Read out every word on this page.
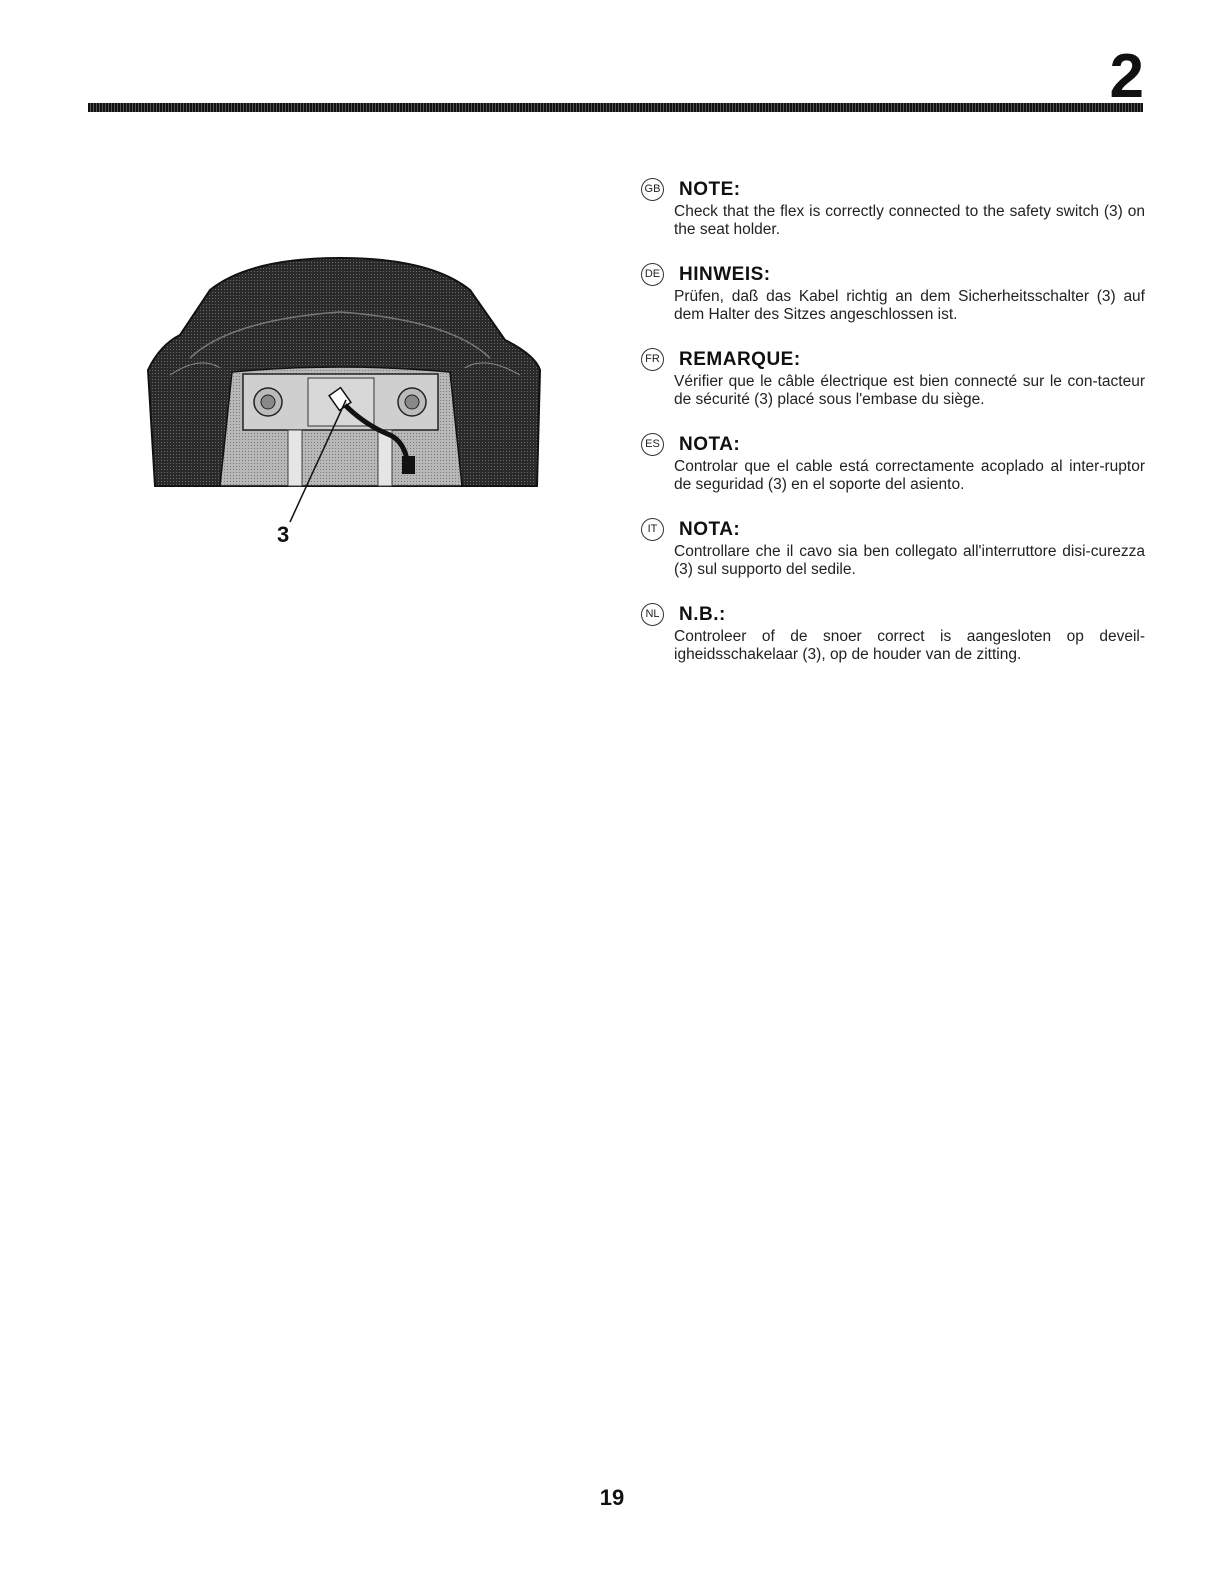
2
3
GB NOTE:
Check that the flex is correctly connected to the safety switch (3) on the seat holder.
DE HINWEIS:
Prüfen, daß das Kabel richtig an dem Sicherheitsschalter (3) auf dem Halter des Sitzes angeschlossen ist.
FR REMARQUE:
Vérifier que le câble électrique est bien connecté sur le con-tacteur de sécurité (3) placé sous l'embase du siège.
ES NOTA:
Controlar que el cable está correctamente acoplado al inter-ruptor de seguridad (3) en el soporte del asiento.
IT	NOTA:
Controllare che il cavo sia ben collegato all'interruttore disi-curezza (3) sul supporto del sedile.
NL N.B.:
Controleer of de snoer correct is aangesloten op deveil-igheidsschakelaar (3), op de houder van de zitting.
19
